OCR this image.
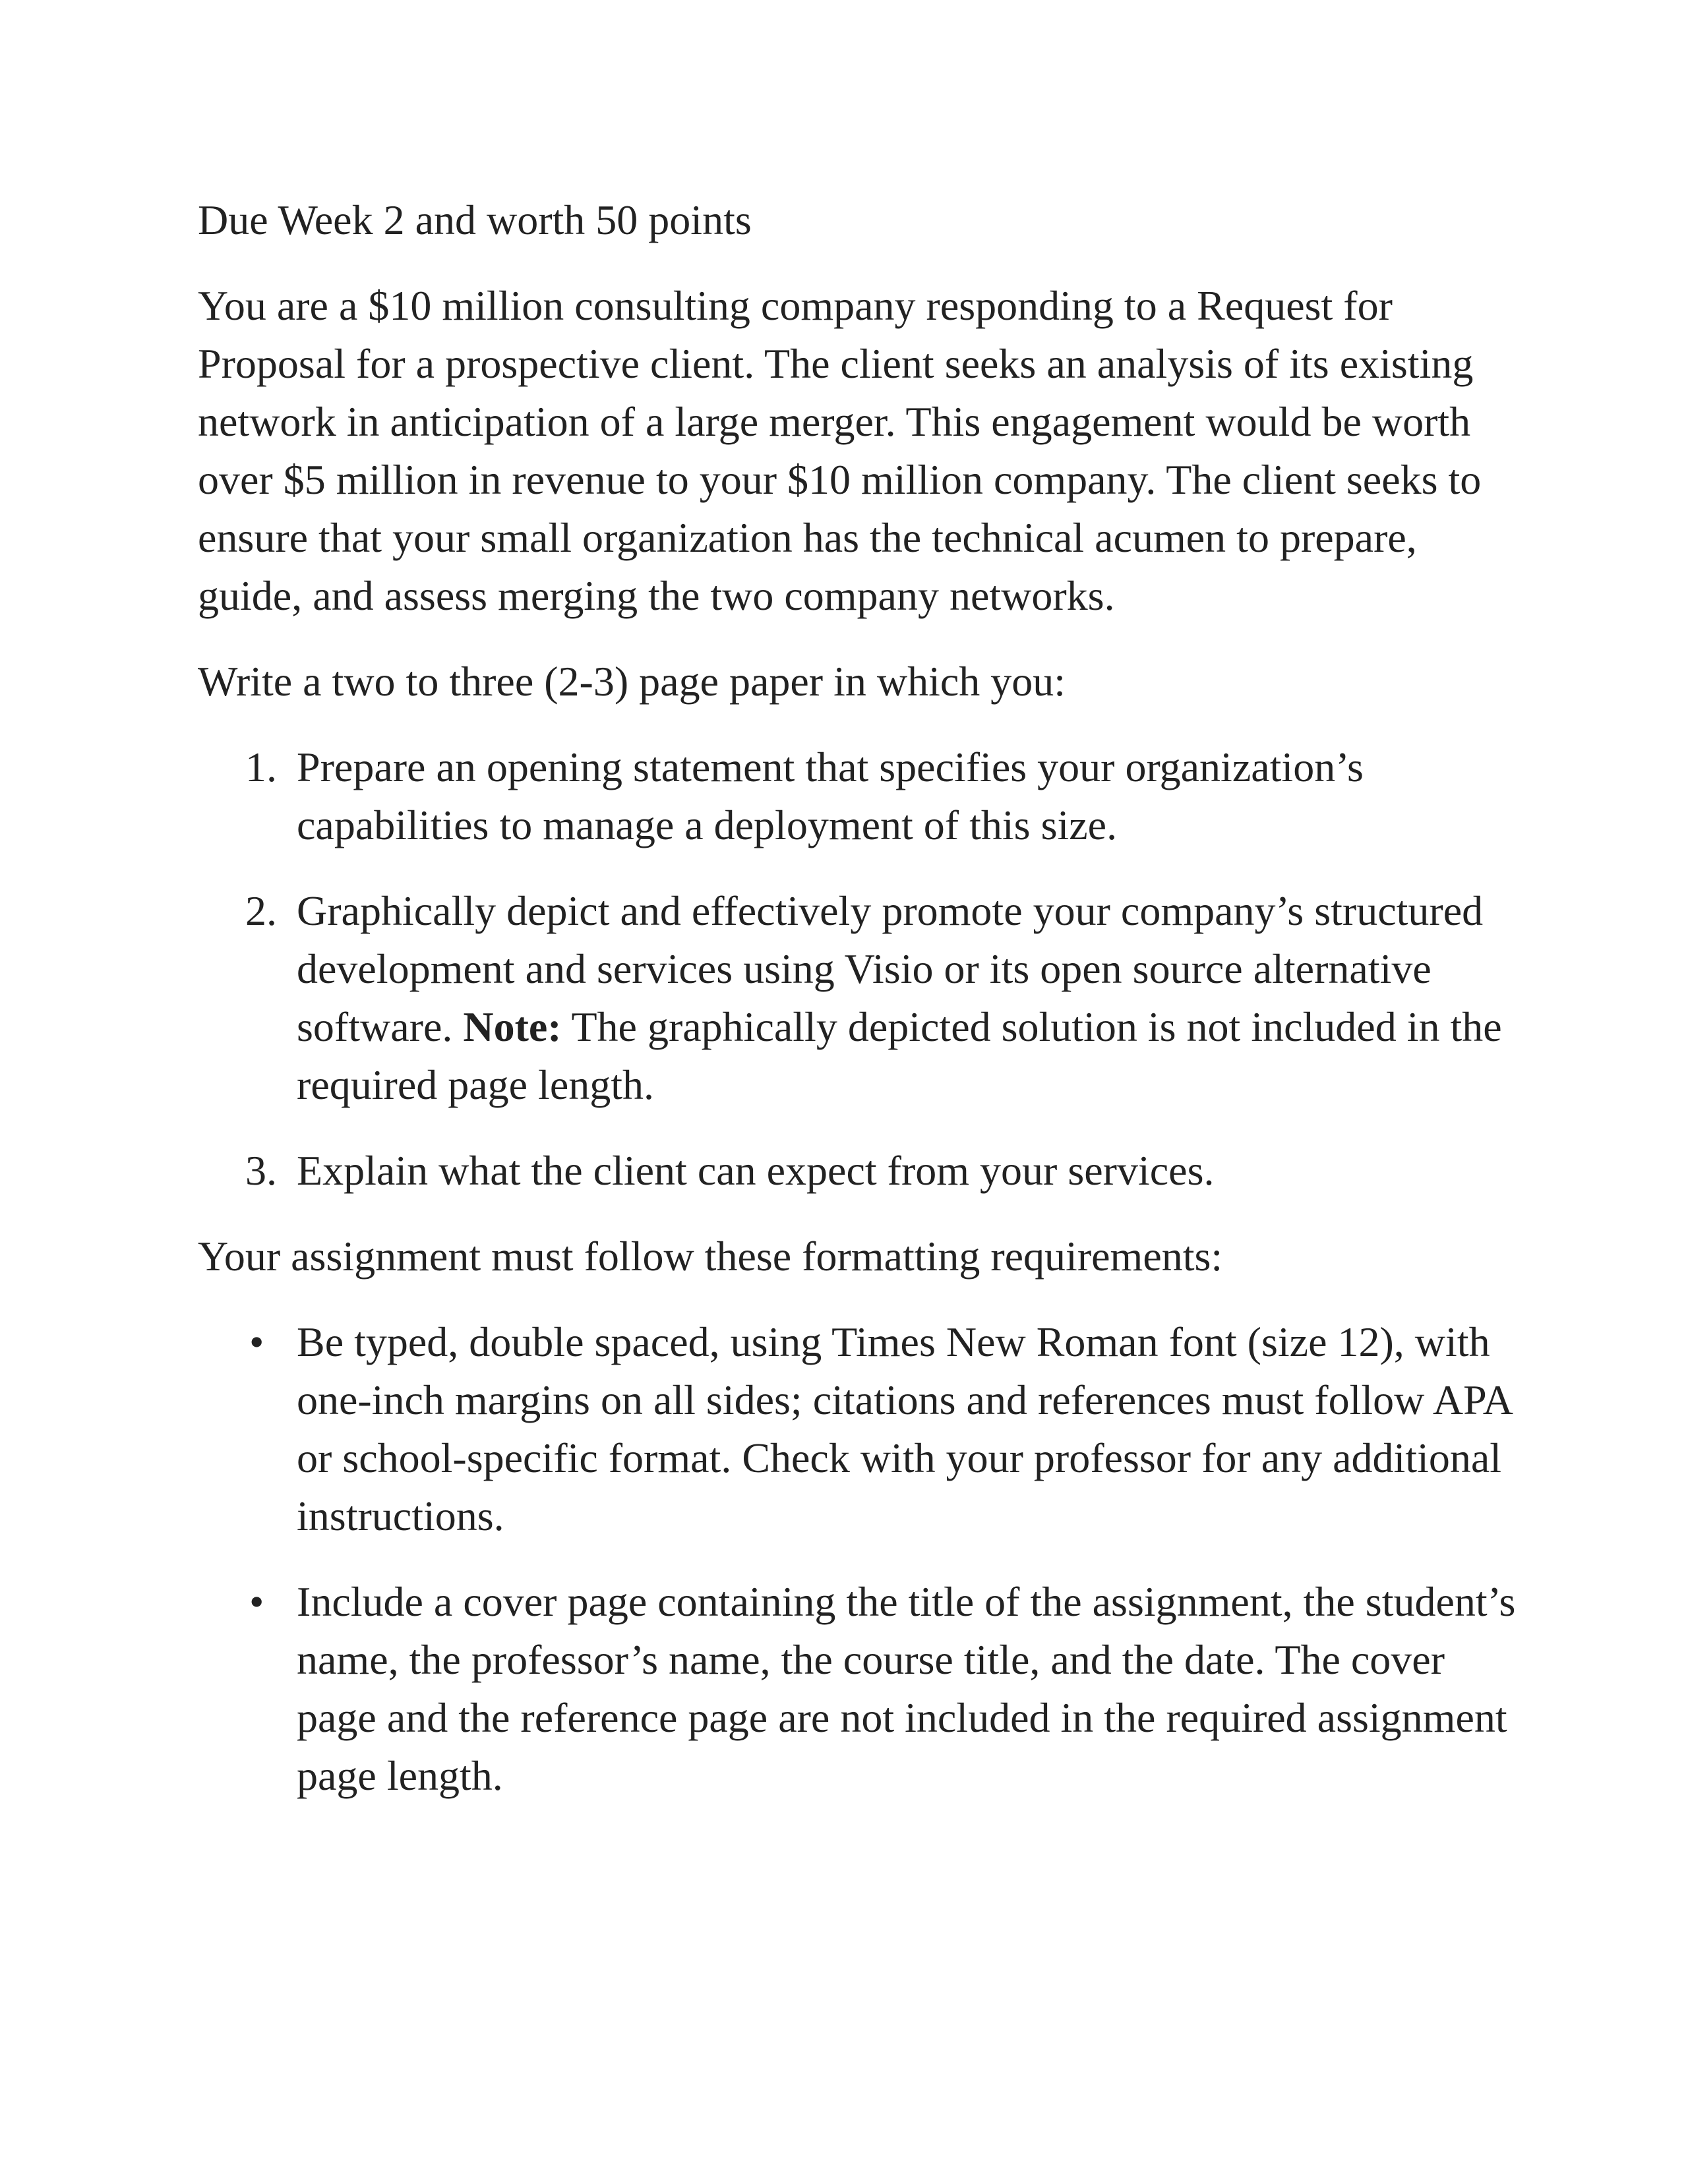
Due Week 2 and worth 50 points

You are a $10 million consulting company responding to a Request for Proposal for a prospective client. The client seeks an analysis of its existing network in anticipation of a large merger. This engagement would be worth over $5 million in revenue to your $10 million company. The client seeks to ensure that your small organization has the technical acumen to prepare, guide, and assess merging the two company networks.

Write a two to three (2-3) page paper in which you:

1. Prepare an opening statement that specifies your organization’s capabilities to manage a deployment of this size.
2. Graphically depict and effectively promote your company’s structured development and services using Visio or its open source alternative software. Note: The graphically depicted solution is not included in the required page length.
3. Explain what the client can expect from your services.

Your assignment must follow these formatting requirements:

• Be typed, double spaced, using Times New Roman font (size 12), with one-inch margins on all sides; citations and references must follow APA or school-specific format. Check with your professor for any additional instructions.
• Include a cover page containing the title of the assignment, the student’s name, the professor’s name, the course title, and the date. The cover page and the reference page are not included in the required assignment page length.
